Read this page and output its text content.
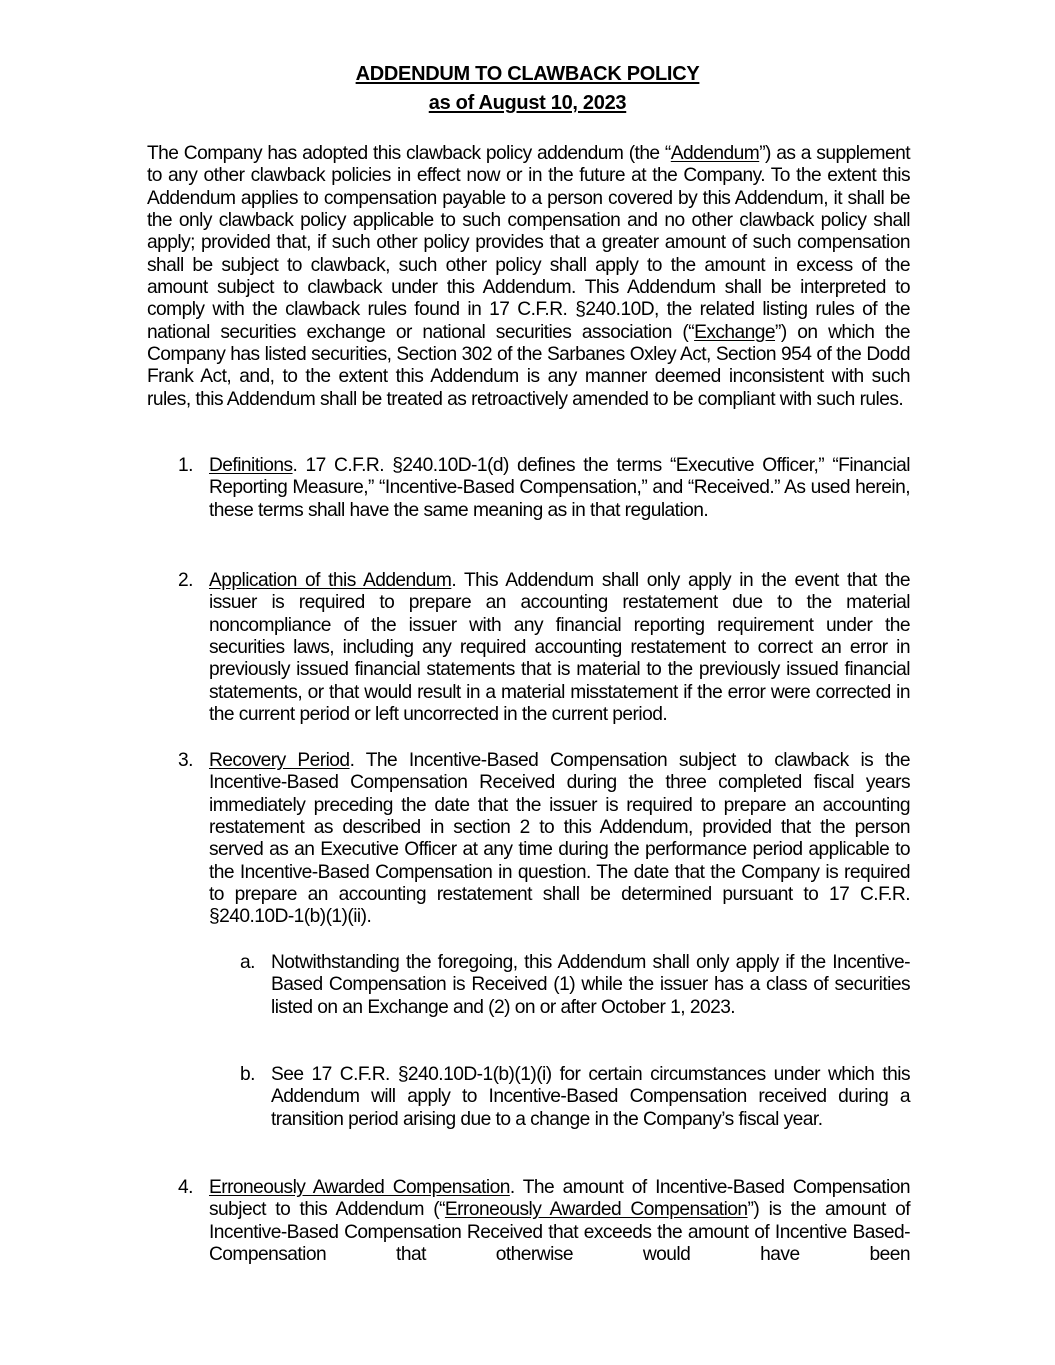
ADDENDUM TO CLAWBACK POLICY
as of August 10, 2023
The Company has adopted this clawback policy addendum (the “Addendum”) as a supplement to any other clawback policies in effect now or in the future at the Company. To the extent this Addendum applies to compensation payable to a person covered by this Addendum, it shall be the only clawback policy applicable to such compensation and no other clawback policy shall apply; provided that, if such other policy provides that a greater amount of such compensation shall be subject to clawback, such other policy shall apply to the amount in excess of the amount subject to clawback under this Addendum. This Addendum shall be interpreted to comply with the clawback rules found in 17 C.F.R. §240.10D, the related listing rules of the national securities exchange or national securities association (“Exchange”) on which the Company has listed securities, Section 302 of the Sarbanes Oxley Act, Section 954 of the Dodd Frank Act, and, to the extent this Addendum is any manner deemed inconsistent with such rules, this Addendum shall be treated as retroactively amended to be compliant with such rules.
1. Definitions. 17 C.F.R. §240.10D-1(d) defines the terms “Executive Officer,” “Financial Reporting Measure,” “Incentive-Based Compensation,” and “Received.” As used herein, these terms shall have the same meaning as in that regulation.
2. Application of this Addendum. This Addendum shall only apply in the event that the issuer is required to prepare an accounting restatement due to the material noncompliance of the issuer with any financial reporting requirement under the securities laws, including any required accounting restatement to correct an error in previously issued financial statements that is material to the previously issued financial statements, or that would result in a material misstatement if the error were corrected in the current period or left uncorrected in the current period.
3. Recovery Period. The Incentive-Based Compensation subject to clawback is the Incentive-Based Compensation Received during the three completed fiscal years immediately preceding the date that the issuer is required to prepare an accounting restatement as described in section 2 to this Addendum, provided that the person served as an Executive Officer at any time during the performance period applicable to the Incentive-Based Compensation in question. The date that the Company is required to prepare an accounting restatement shall be determined pursuant to 17 C.F.R. §240.10D-1(b)(1)(ii).
a. Notwithstanding the foregoing, this Addendum shall only apply if the Incentive-Based Compensation is Received (1) while the issuer has a class of securities listed on an Exchange and (2) on or after October 1, 2023.
b. See 17 C.F.R. §240.10D-1(b)(1)(i) for certain circumstances under which this Addendum will apply to Incentive-Based Compensation received during a transition period arising due to a change in the Company’s fiscal year.
4. Erroneously Awarded Compensation. The amount of Incentive-Based Compensation subject to this Addendum (“Erroneously Awarded Compensation”) is the amount of Incentive-Based Compensation Received that exceeds the amount of Incentive Based-Compensation that otherwise would have been
